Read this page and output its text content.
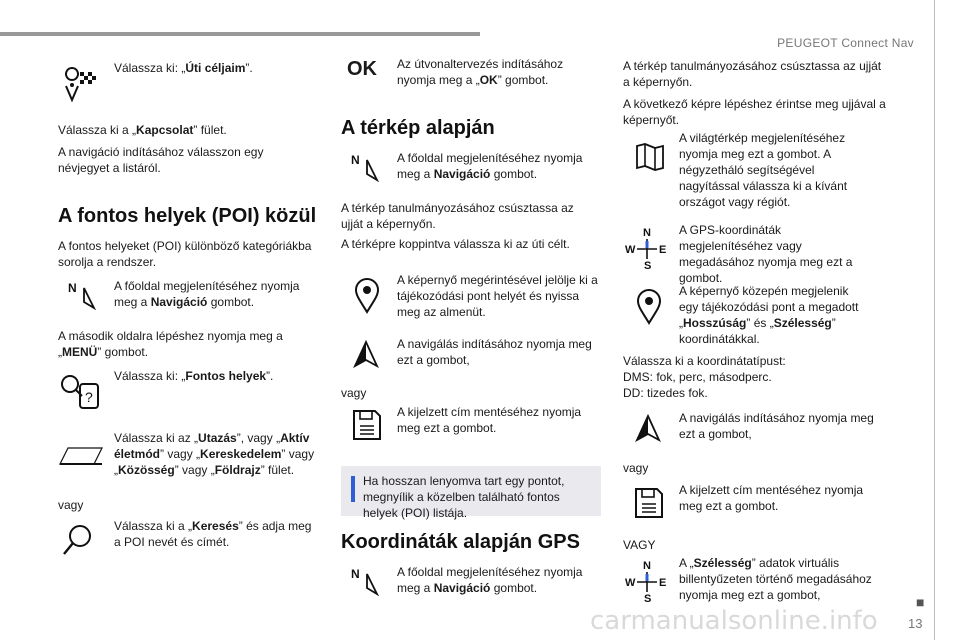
PEUGEOT Connect Nav
■
13
Válassza ki: „Úti céljaim”.
Válassza ki a „Kapcsolat” fület.
A navigáció indításához válasszon egy névjegyet a listáról.
A fontos helyek (POI) közül
A fontos helyeket (POI) különböző kategóriákba sorolja a rendszer.
N	A főoldal megjelenítéséhez nyomja meg a Navigáció gombot.
A második oldalra lépéshez nyomja meg a „MENÜ” gombot.
?
Válassza ki: „Fontos helyek”.
Válassza ki az „Utazás”, vagy „Aktív életmód” vagy „Kereskedelem” vagy „Közösség” vagy „Földrajz” fület.
vagy
Válassza ki a „Keresés” és adja meg a POI nevét és címét.
OK Az útvonaltervezés indításához nyomja meg a „OK” gombot.
A térkép alapján
N	A főoldal megjelenítéséhez nyomja meg a Navigáció gombot.
A térkép tanulmányozásához csúsztassa az ujját a képernyőn.
A térképre koppintva válassza ki az úti célt.
A képernyő megérintésével jelölje ki a tájékozódási pont helyét és nyissa meg az almenüt.
A navigálás indításához nyomja meg ezt a gombot,
vagy
A kijelzett cím mentéséhez nyomja meg ezt a gombot.
Ha hosszan lenyomva tart egy pontot, megnyílik a közelben található fontos helyek (POI) listája.
Koordináták alapján GPS
N	A főoldal megjelenítéséhez nyomja meg a Navigáció gombot.
A térkép tanulmányozásához csúsztassa az ujját a képernyőn.
A következő képre lépéshez érintse meg ujjával a képernyőt.
A világtérkép megjelenítéséhez nyomja meg ezt a gombot. A négyzetháló segítségével nagyítással válassza ki a kívánt országot vagy régiót.
N
S
W E
A GPS-koordináták megjelenítéséhez vagy megadásához nyomja meg ezt a gombot.
A képernyő közepén megjelenik egy tájékozódási pont a megadott „Hosszúság” és „Szélesség” koordinátákkal.
Válassza ki a koordinátatípust:
DMS: fok, perc, másodperc.
DD: tizedes fok.
A navigálás indításához nyomja meg ezt a gombot,
vagy
A kijelzett cím mentéséhez nyomja meg ezt a gombot.
VAGY
N
S
W E
A „Szélesség” adatok virtuális billentyűzeten történő megadásához nyomja meg ezt a gombot,
carmanualsonline.info
